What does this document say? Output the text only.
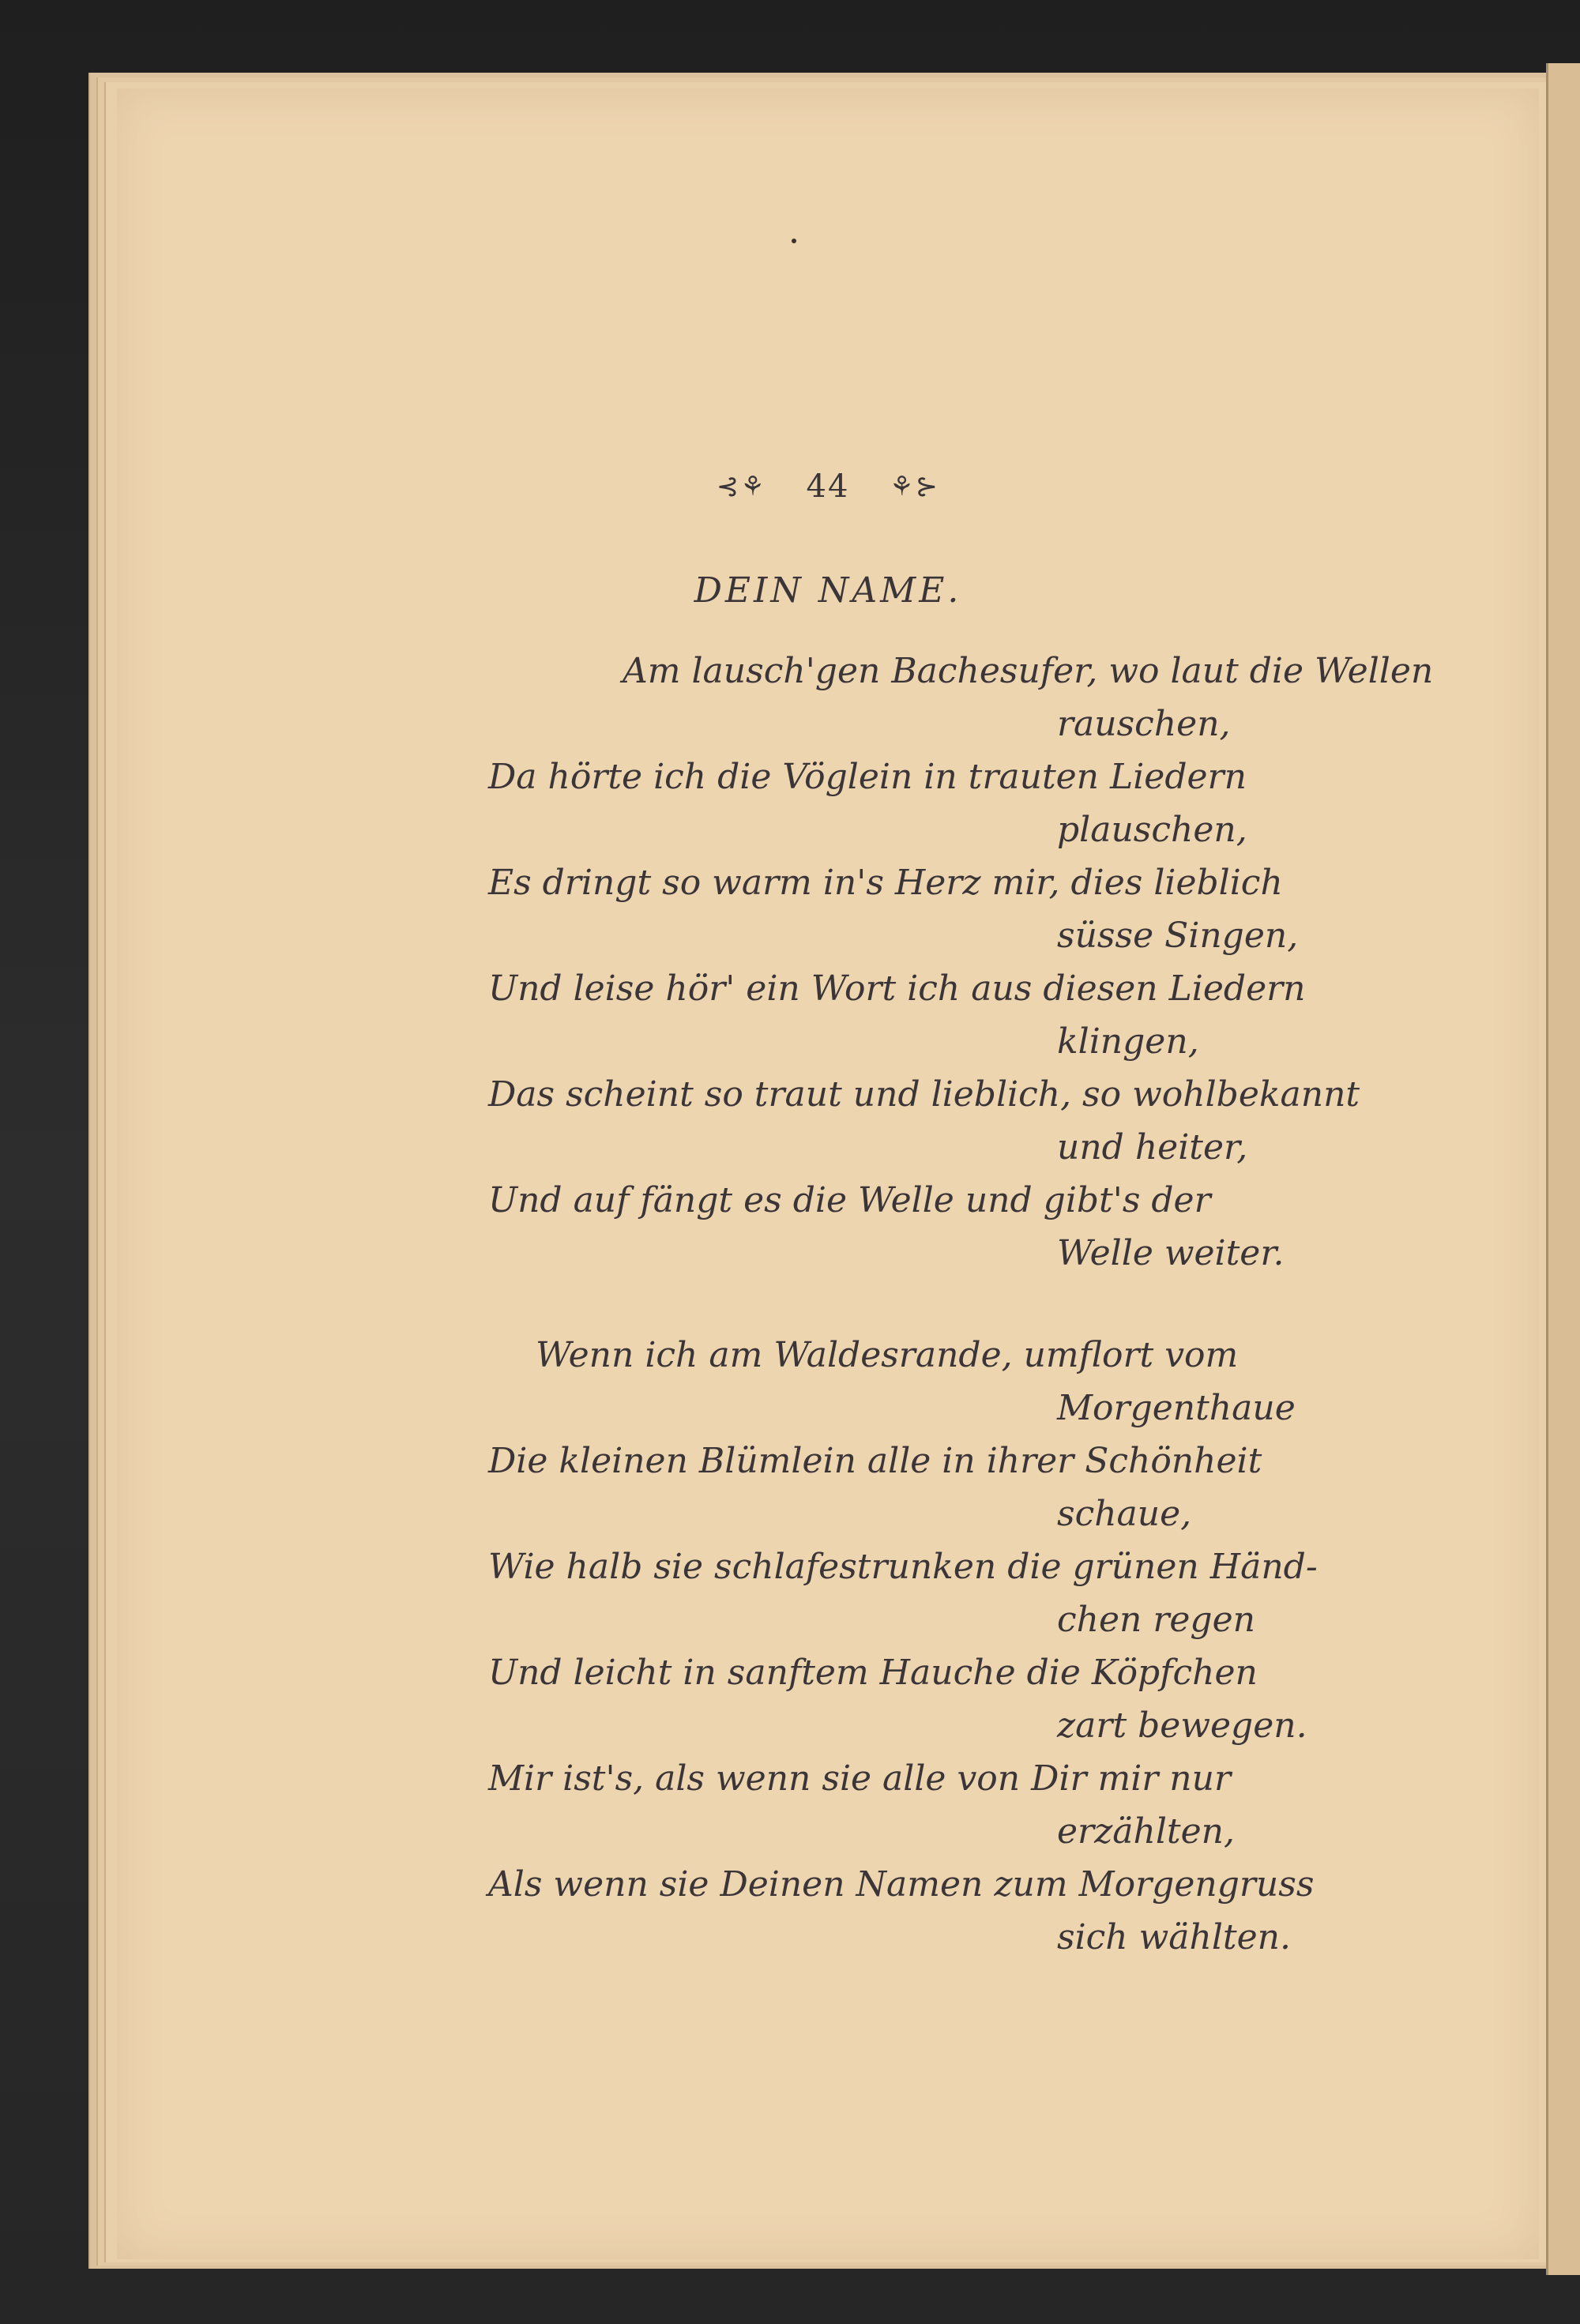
⊰⚘ 44 ⚘⊱
DEIN NAME.
Am lausch'gen Bachesufer, wo laut die Wellen
rauschen,
Da hörte ich die Vöglein in trauten Liedern
plauschen,
Es dringt so warm in's Herz mir, dies lieblich
süsse Singen,
Und leise hör' ein Wort ich aus diesen Liedern
klingen,
Das scheint so traut und lieblich, so wohlbekannt
und heiter,
Und auf fängt es die Welle und gibt's der
Welle weiter.
Wenn ich am Waldesrande, umflort vom
Morgenthaue
Die kleinen Blümlein alle in ihrer Schönheit
schaue,
Wie halb sie schlafestrunken die grünen Händ-
chen regen
Und leicht in sanftem Hauche die Köpfchen
zart bewegen.
Mir ist's, als wenn sie alle von Dir mir nur
erzählten,
Als wenn sie Deinen Namen zum Morgengruss
sich wählten.
